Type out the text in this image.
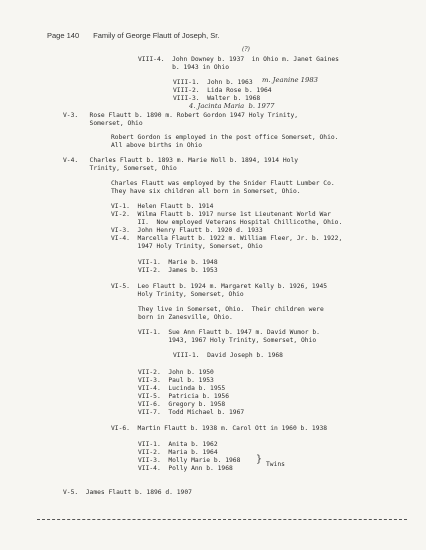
Page 140 Family of George Flautt of Joseph, Sr.
(?)
VIII-4.  John Downey b. 1937  in Ohio m. Janet Gaines
b. 1943 in Ohio
VIII-1.  John b. 1963 m. Jeanine 1983
VIII-2.  Lida Rose b. 1964
VIII-3.  Walter b. 1968
4. Jacinta Maria  b. 1977
V-3.   Rose Flautt b. 1890 m. Robert Gordon 1947 Holy Trinity,
Somerset, Ohio
Robert Gordon is employed in the post office Somerset, Ohio.
All above births in Ohio
V-4.   Charles Flautt b. 1893 m. Marie Noll b. 1894, 1914 Holy
Trinity, Somerset, Ohio
Charles Flautt was employed by the Snider Flautt Lumber Co.
They have six children all born in Somerset, Ohio.
VI-1.  Helen Flautt b. 1914
VI-2.  Wilma Flautt b. 1917 nurse 1st Lieutenant World War
II.  Now employed Veterans Hospital Chillicothe, Ohio.
VI-3.  John Henry Flautt b. 1920 d. 1933
VI-4.  Marcella Flautt b. 1922 m. William Fleer, Jr. b. 1922,
1947 Holy Trinity, Somerset, Ohio
VII-1.  Marie b. 1948
VII-2.  James b. 1953
VI-5.  Leo Flautt b. 1924 m. Margaret Kelly b. 1926, 1945
Holy Trinity, Somerset, Ohio
They live in Somerset, Ohio.  Their children were
born in Zanesville, Ohio.
VII-1.  Sue Ann Flautt b. 1947 m. David Wumor b.
1943, 1967 Holy Trinity, Somerset, Ohio
VIII-1.  David Joseph b. 1968
VII-2.  John b. 1950
VII-3.  Paul b. 1953
VII-4.  Lucinda b. 1955
VII-5.  Patricia b. 1956
VII-6.  Gregory b. 1958
VII-7.  Todd Michael b. 1967
VI-6.  Martin Flautt b. 1938 m. Carol Ott in 1960 b. 1938
VII-1.  Anita b. 1962
VII-2.  Maria b. 1964
VII-3.  Molly Marie b. 1968
VII-4.  Polly Ann b. 1968
} Twins
V-5.  James Flautt b. 1896 d. 1907
